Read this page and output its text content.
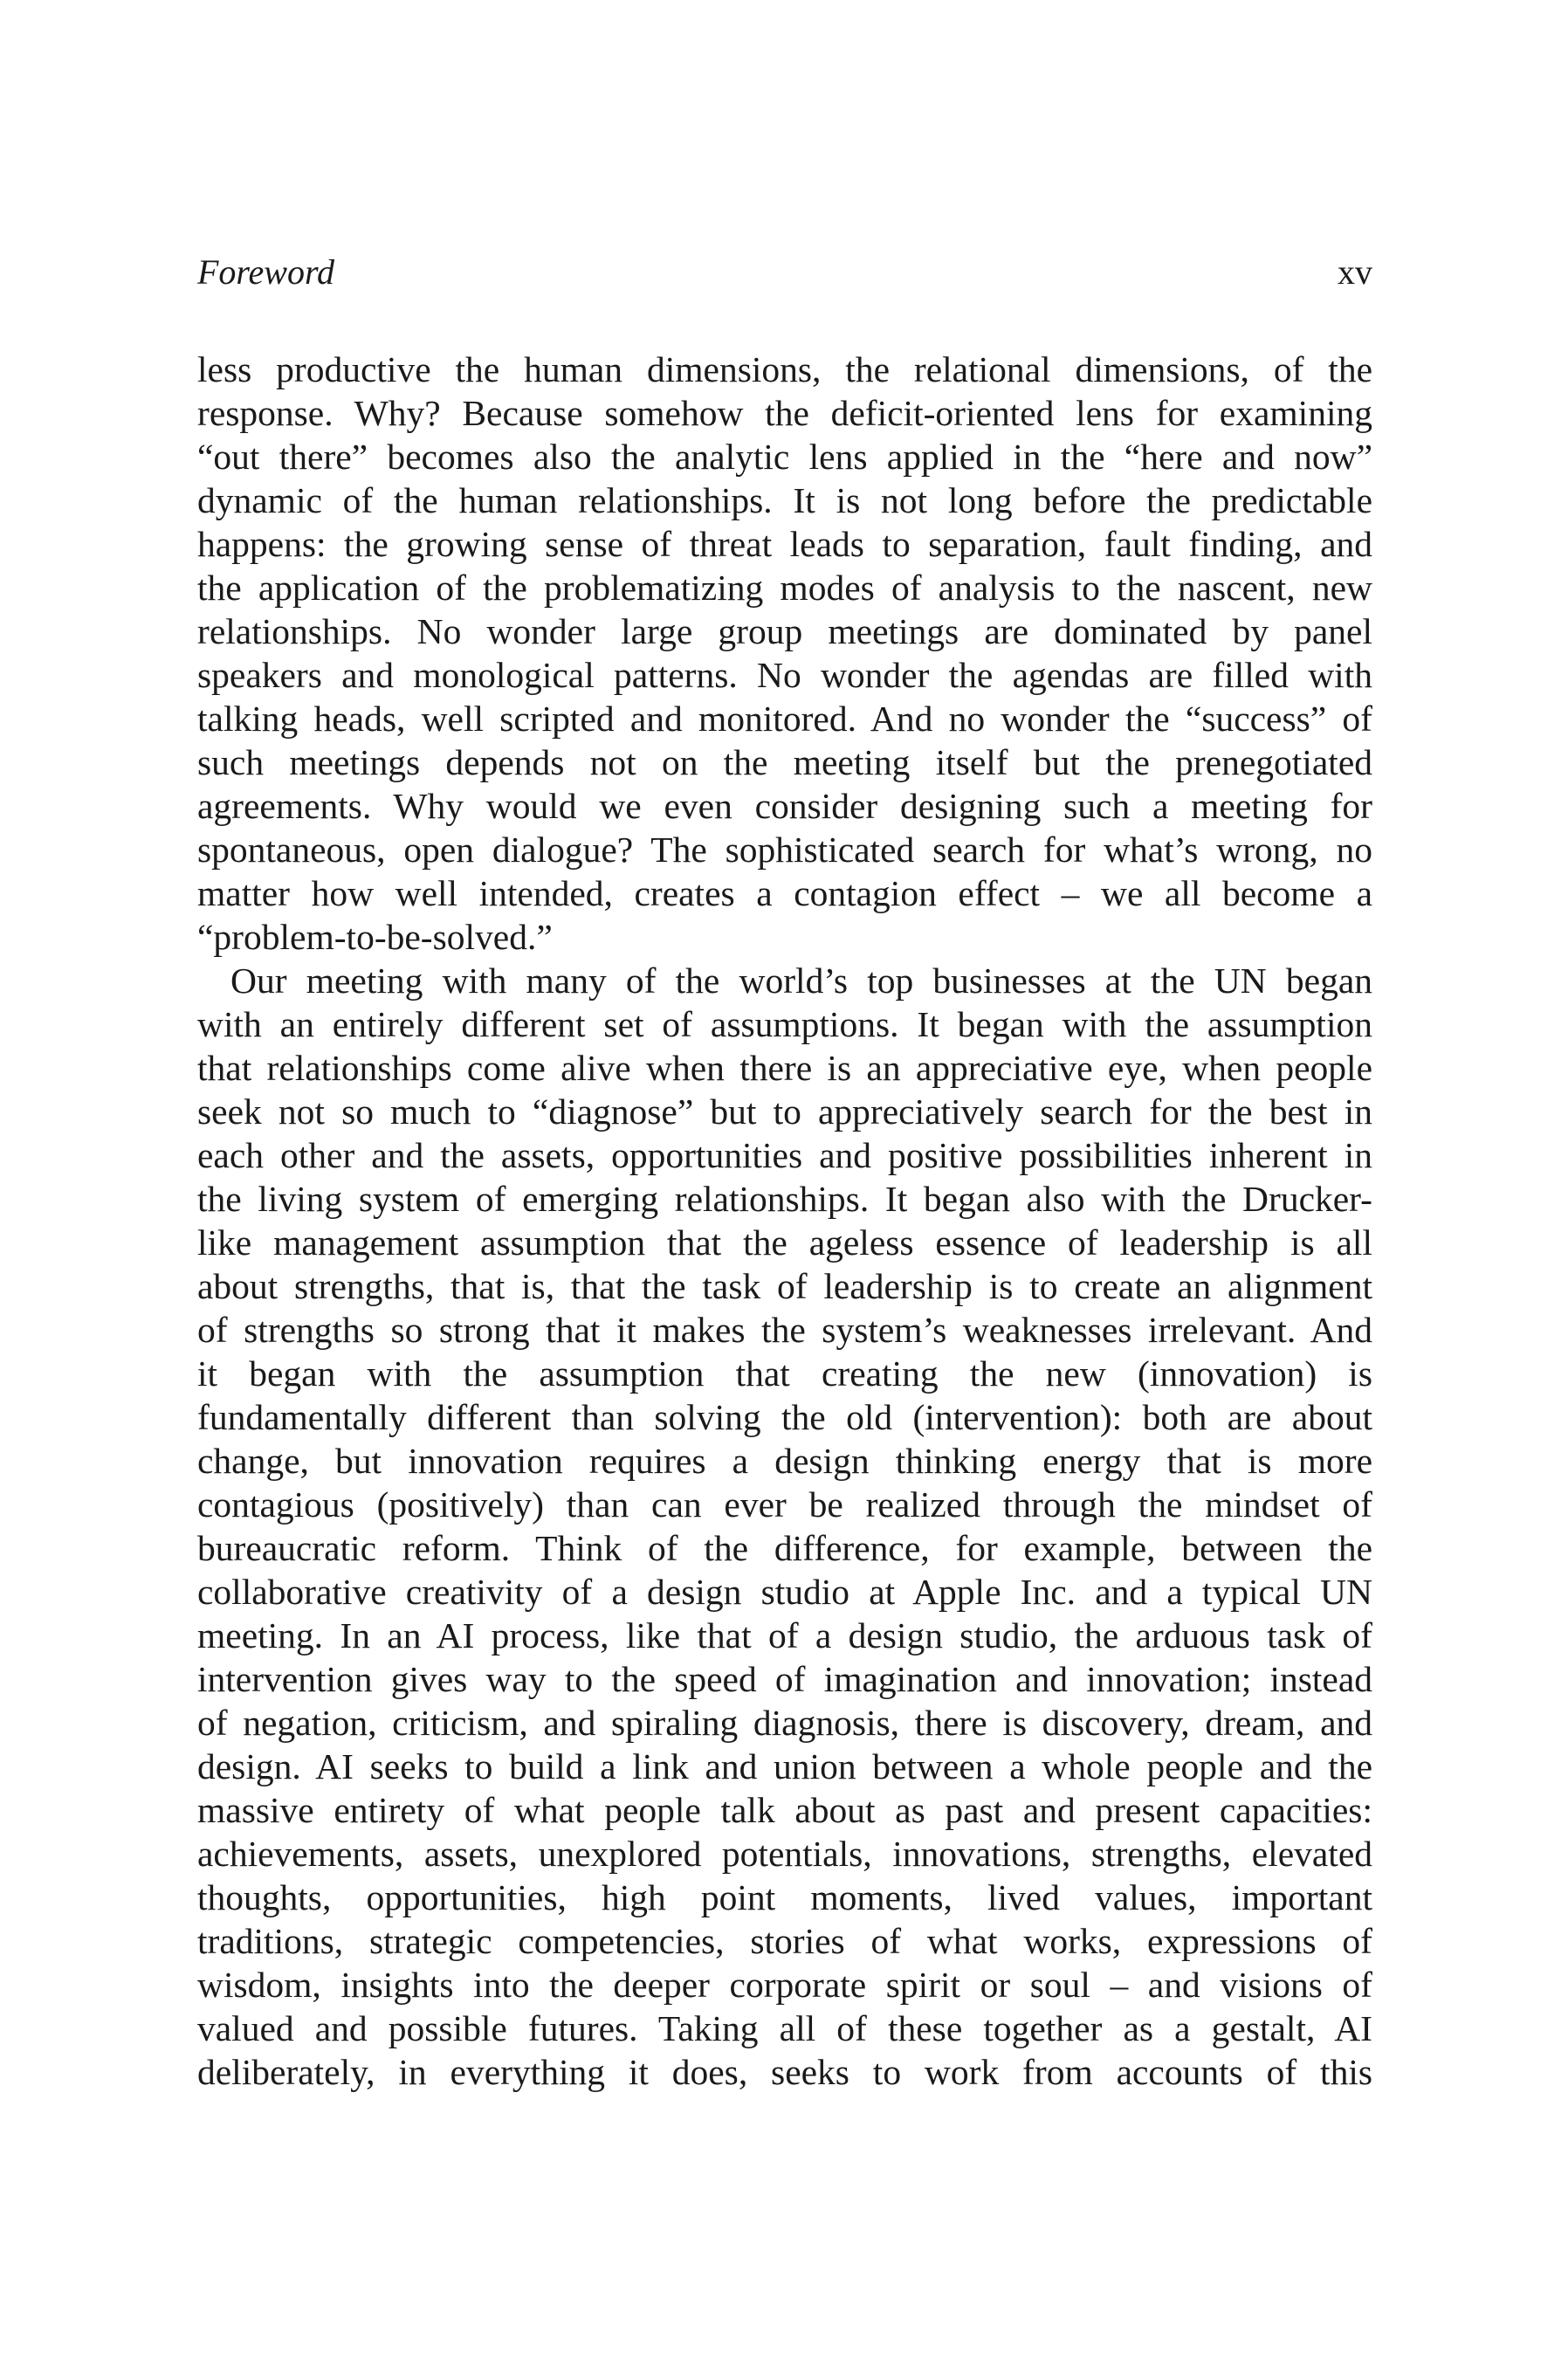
Foreword	xv
less productive the human dimensions, the relational dimensions, of the
response. Why? Because somehow the deficit-oriented lens for examining
“out there” becomes also the analytic lens applied in the “here and now”
dynamic of the human relationships. It is not long before the predictable
happens: the growing sense of threat leads to separation, fault finding, and
the application of the problematizing modes of analysis to the nascent, new
relationships. No wonder large group meetings are dominated by panel
speakers and monological patterns. No wonder the agendas are filled with
talking heads, well scripted and monitored. And no wonder the “success” of
such meetings depends not on the meeting itself but the prenegotiated
agreements. Why would we even consider designing such a meeting for
spontaneous, open dialogue? The sophisticated search for what’s wrong, no
matter how well intended, creates a contagion effect – we all become a
“problem-to-be-solved.”
Our meeting with many of the world’s top businesses at the UN began
with an entirely different set of assumptions. It began with the assumption
that relationships come alive when there is an appreciative eye, when people
seek not so much to “diagnose” but to appreciatively search for the best in
each other and the assets, opportunities and positive possibilities inherent in
the living system of emerging relationships. It began also with the Drucker-
like management assumption that the ageless essence of leadership is all
about strengths, that is, that the task of leadership is to create an alignment
of strengths so strong that it makes the system’s weaknesses irrelevant. And
it began with the assumption that creating the new (innovation) is
fundamentally different than solving the old (intervention): both are about
change, but innovation requires a design thinking energy that is more
contagious (positively) than can ever be realized through the mindset of
bureaucratic reform. Think of the difference, for example, between the
collaborative creativity of a design studio at Apple Inc. and a typical UN
meeting. In an AI process, like that of a design studio, the arduous task of
intervention gives way to the speed of imagination and innovation; instead
of negation, criticism, and spiraling diagnosis, there is discovery, dream, and
design. AI seeks to build a link and union between a whole people and the
massive entirety of what people talk about as past and present capacities:
achievements, assets, unexplored potentials, innovations, strengths, elevated
thoughts, opportunities, high point moments, lived values, important
traditions, strategic competencies, stories of what works, expressions of
wisdom, insights into the deeper corporate spirit or soul – and visions of
valued and possible futures. Taking all of these together as a gestalt, AI
deliberately, in everything it does, seeks to work from accounts of this
